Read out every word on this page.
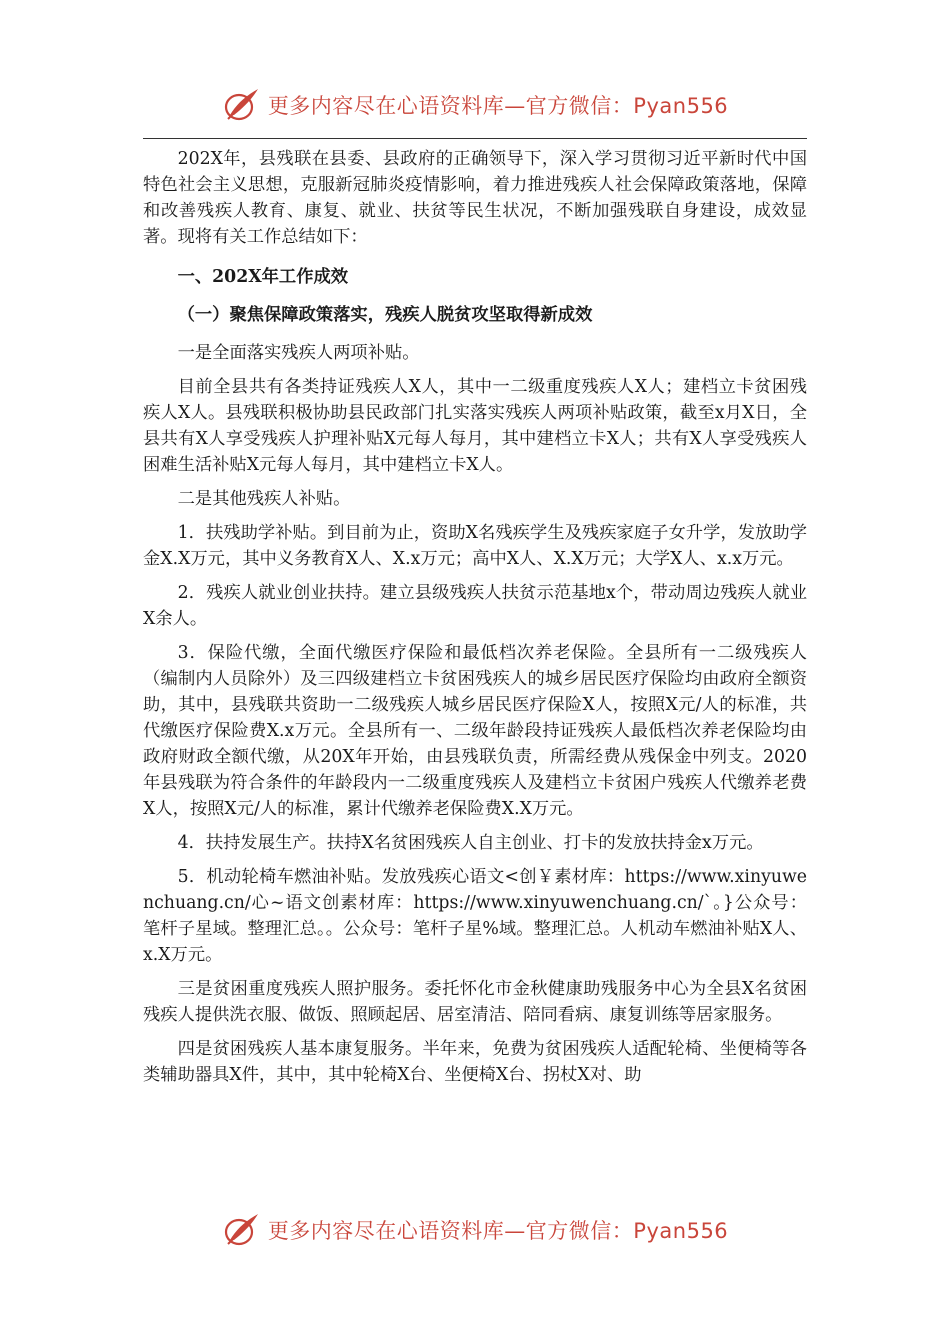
更多内容尽在心语资料库—官方微信：Pyan556

202X年，县残联在县委、县政府的正确领导下，深入学习贯彻习近平新时代中国特色社会主义思想，克服新冠肺炎疫情影响，着力推进残疾人社会保障政策落地，保障和改善残疾人教育、康复、就业、扶贫等民生状况，不断加强残联自身建设，成效显著。现将有关工作总结如下：

一、202X年工作成效

（一）聚焦保障政策落实，残疾人脱贫攻坚取得新成效

一是全面落实残疾人两项补贴。

目前全县共有各类持证残疾人X人，其中一二级重度残疾人X人；建档立卡贫困残疾人X人。县残联积极协助县民政部门扎实落实残疾人两项补贴政策，截至x月X日，全县共有X人享受残疾人护理补贴X元每人每月，其中建档立卡X人；共有X人享受残疾人困难生活补贴X元每人每月，其中建档立卡X人。

二是其他残疾人补贴。

1．扶残助学补贴。到目前为止，资助X名残疾学生及残疾家庭子女升学，发放助学金X.X万元，其中义务教育X人、X.x万元；高中X人、X.X万元；大学X人、x.x万元。

2．残疾人就业创业扶持。建立县级残疾人扶贫示范基地x个，带动周边残疾人就业X余人。

3．保险代缴，全面代缴医疗保险和最低档次养老保险。全县所有一二级残疾人（编制内人员除外）及三四级建档立卡贫困残疾人的城乡居民医疗保险均由政府全额资助，其中，县残联共资助一二级残疾人城乡居民医疗保险X人，按照X元/人的标准，共代缴医疗保险费X.x万元。全县所有一、二级年龄段持证残疾人最低档次养老保险均由政府财政全额代缴，从20X年开始，由县残联负责，所需经费从残保金中列支。2020年县残联为符合条件的年龄段内一二级重度残疾人及建档立卡贫困户残疾人代缴养老费X人，按照X元/人的标准，累计代缴养老保险费X.X万元。

4．扶持发展生产。扶持X名贫困残疾人自主创业、打卡的发放扶持金x万元。

5．机动轮椅车燃油补贴。发放残疾心语文<创￥素材库：https://www.xinyuwenchuang.cn/心~语文创素材库：https://www.xinyuwenchuang.cn/`。}公众号：笔杆子星域。整理汇总。。公众号：笔杆子星%域。整理汇总。人机动车燃油补贴X人、x.X万元。

三是贫困重度残疾人照护服务。委托怀化市金秋健康助残服务中心为全县X名贫困残疾人提供洗衣服、做饭、照顾起居、居室清洁、陪同看病、康复训练等居家服务。

四是贫困残疾人基本康复服务。半年来，免费为贫困残疾人适配轮椅、坐便椅等各类辅助器具X件，其中，其中轮椅X台、坐便椅X台、拐杖X对、助

更多内容尽在心语资料库—官方微信：Pyan556
